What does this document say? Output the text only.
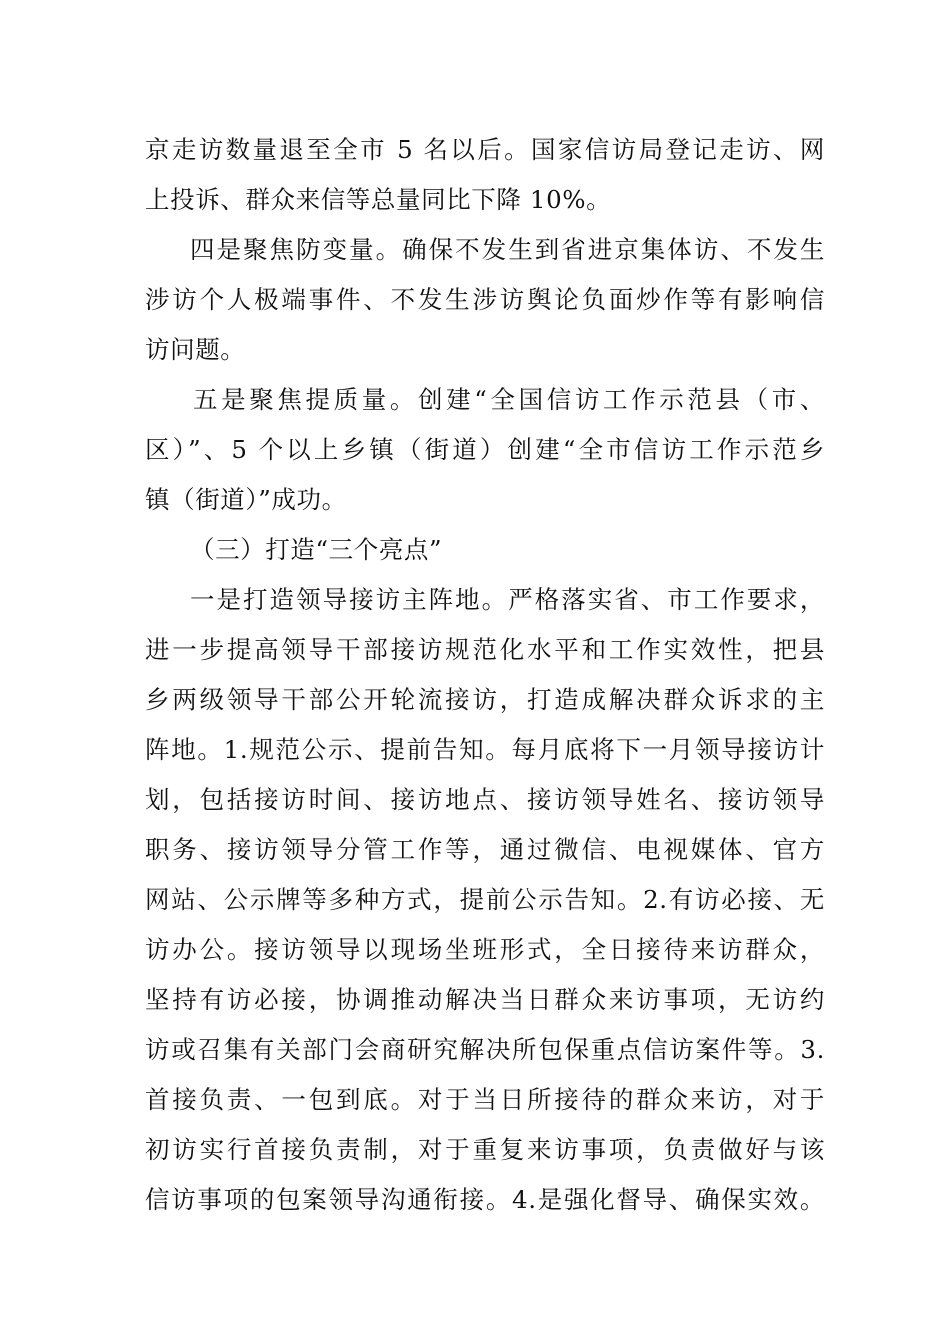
京走访数量退至全市 5 名以后。国家信访局登记走访、网
上投诉、群众来信等总量同比下降 10%。
四是聚焦防变量。确保不发生到省进京集体访、不发生
涉访个人极端事件、不发生涉访舆论负面炒作等有影响信
访问题。
五是聚焦提质量。创建“全国信访工作示范县（市、
区）”、5 个以上乡镇（街道）创建“全市信访工作示范乡
镇（街道）”成功。
（三）打造“三个亮点”
一是打造领导接访主阵地。严格落实省、市工作要求，
进一步提高领导干部接访规范化水平和工作实效性，把县
乡两级领导干部公开轮流接访，打造成解决群众诉求的主
阵地。1.规范公示、提前告知。每月底将下一月领导接访计
划，包括接访时间、接访地点、接访领导姓名、接访领导
职务、接访领导分管工作等，通过微信、电视媒体、官方
网站、公示牌等多种方式，提前公示告知。2.有访必接、无
访办公。接访领导以现场坐班形式，全日接待来访群众，
坚持有访必接，协调推动解决当日群众来访事项，无访约
访或召集有关部门会商研究解决所包保重点信访案件等。3.
首接负责、一包到底。对于当日所接待的群众来访，对于
初访实行首接负责制，对于重复来访事项，负责做好与该
信访事项的包案领导沟通衔接。4.是强化督导、确保实效。
